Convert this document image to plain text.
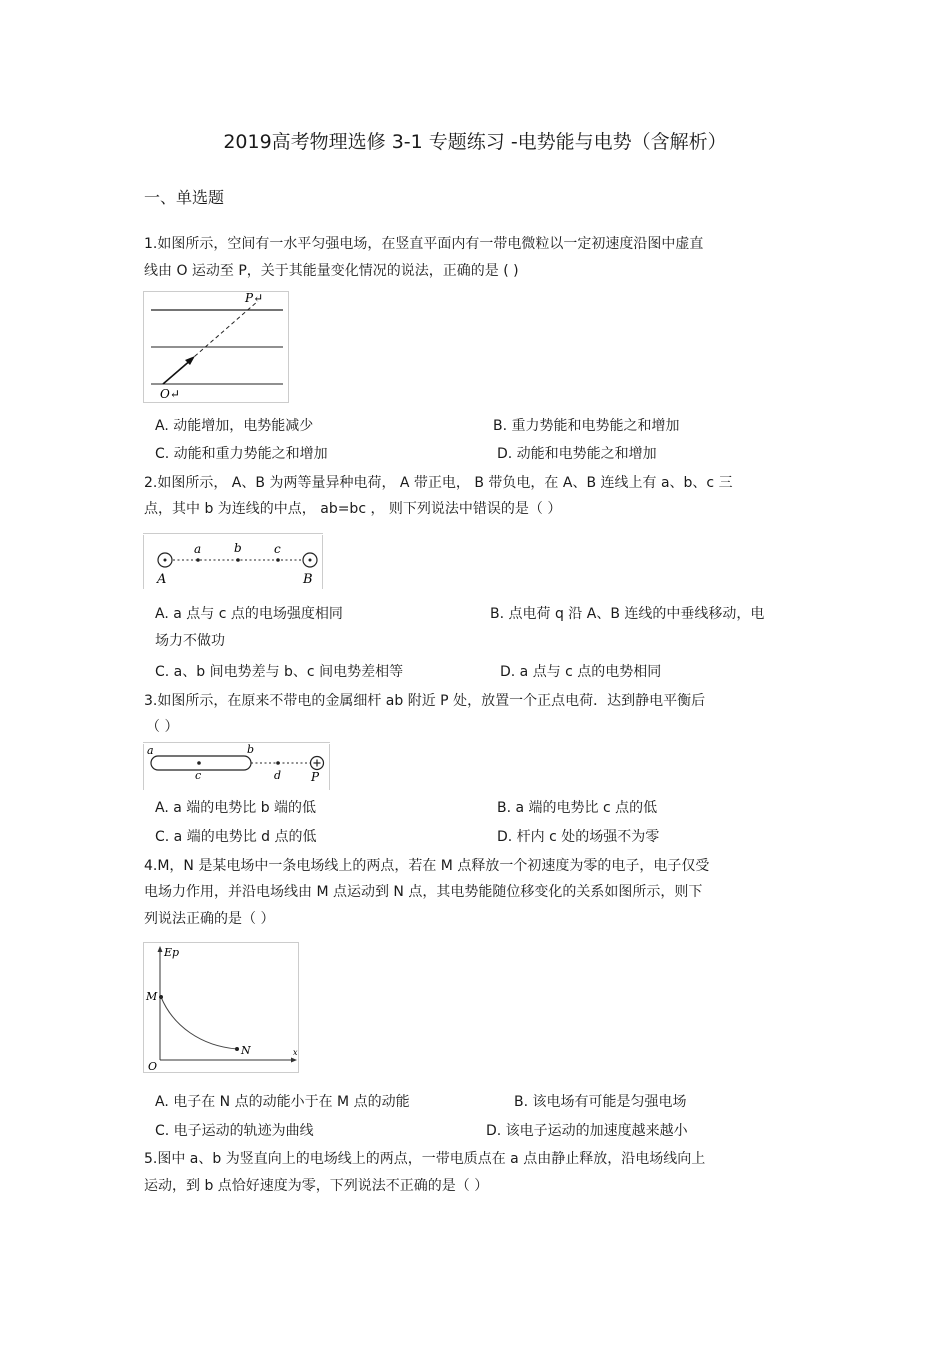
2019高考物理选修 3-1 专题练习 -电势能与电势（含解析）
一、单选题
1.如图所示，空间有一水平匀强电场，在竖直平面内有一带电微粒以一定初速度沿图中虚直
线由 O 运动至 P，关于其能量变化情况的说法，正确的是 ( )
P↵
O↵
A. 动能增加，电势能减少	B. 重力势能和电势能之和增加
C. 动能和重力势能之和增加	D. 动能和电势能之和增加
2.如图所示， A、B 为两等量异种电荷， A 带正电， B 带负电，在 A、B 连线上有 a、b、c 三
点，其中 b 为连线的中点， ab=bc ， 则下列说法中错误的是（ ）
a	b	c
A	B
A. a 点与 c 点的电场强度相同	B. 点电荷 q 沿 A、B 连线的中垂线移动，电
场力不做功
C. a、b 间电势差与 b、c 间电势差相等	D. a 点与 c 点的电势相同
3.如图所示，在原来不带电的金属细杆 ab 附近 P 处，放置一个正点电荷．达到静电平衡后
（ ）
a	b
c	d P
A. a 端的电势比 b 端的低	B. a 端的电势比 c 点的低
C. a 端的电势比 d 点的低	D. 杆内 c 处的场强不为零
4.M，N 是某电场中一条电场线上的两点，若在 M 点释放一个初速度为零的电子，电子仅受
电场力作用，并沿电场线由 M 点运动到 N 点，其电势能随位移变化的关系如图所示，则下
列说法正确的是（ ）
Ep
M
N
O
x
A. 电子在 N 点的动能小于在 M 点的动能	B. 该电场有可能是匀强电场
C. 电子运动的轨迹为曲线	D. 该电子运动的加速度越来越小
5.图中 a、b 为竖直向上的电场线上的两点，一带电质点在 a 点由静止释放，沿电场线向上
运动，到 b 点恰好速度为零，下列说法不正确的是（ ）
